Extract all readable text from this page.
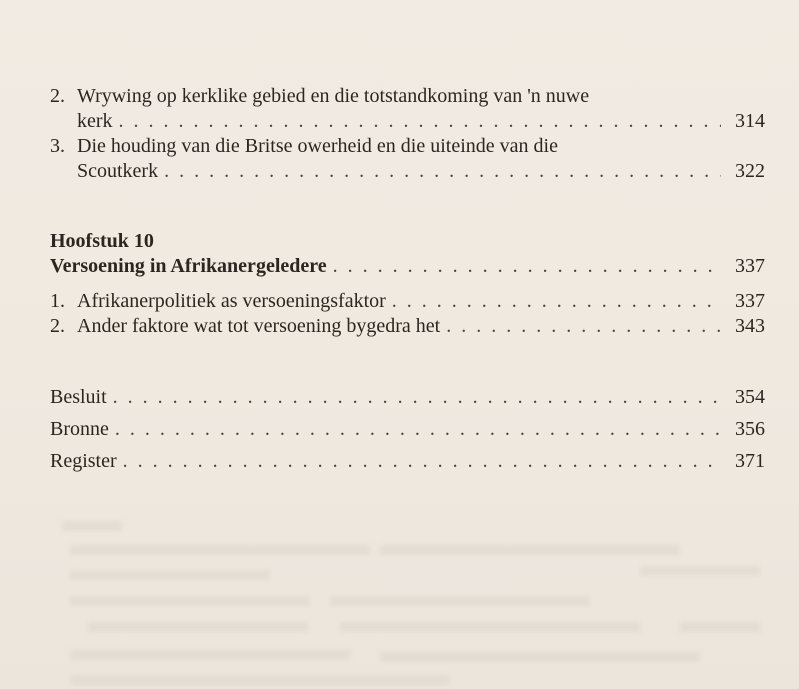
2. Wrywing op kerklike gebied en die totstandkoming van 'n nuwe
kerk . . .	314
3. Die houding van die Britse owerheid en die uiteinde van die
Scoutkerk . . .	322
Hoofstuk 10
Versoening in Afrikanergeledere . . .	337
1. Afrikanerpolitiek as versoeningsfaktor . . .	337
2. Ander faktore wat tot versoening bygedra het . . .	343
Besluit . . .	354
Bronne . . .	356
Register . . .	371
